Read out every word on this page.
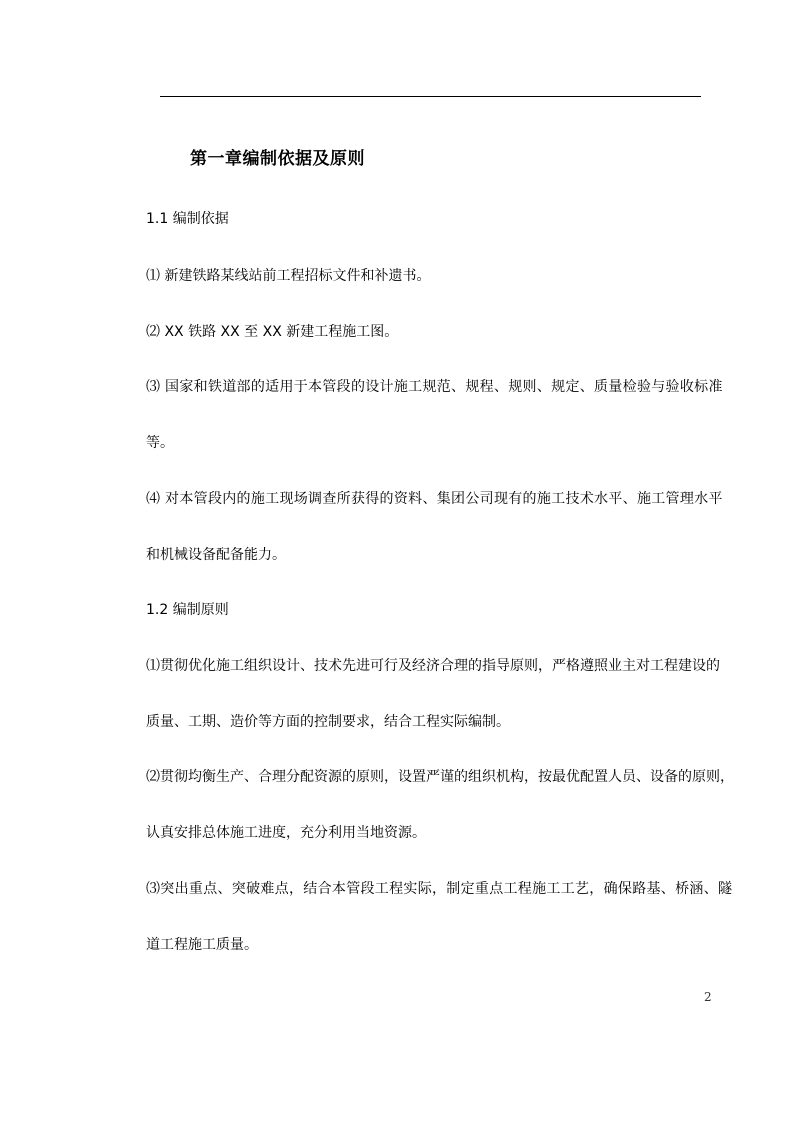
第一章编制依据及原则
1.1 编制依据
⑴ 新建铁路某线站前工程招标文件和补遗书。
⑵ XX 铁路 XX 至 XX 新建工程施工图。
⑶ 国家和铁道部的适用于本管段的设计施工规范、规程、规则、规定、质量检验与验收标准
等。
⑷ 对本管段内的施工现场调查所获得的资料、集团公司现有的施工技术水平、施工管理水平
和机械设备配备能力。
1.2 编制原则
⑴贯彻优化施工组织设计、技术先进可行及经济合理的指导原则，严格遵照业主对工程建设的
质量、工期、造价等方面的控制要求，结合工程实际编制。
⑵贯彻均衡生产、合理分配资源的原则，设置严谨的组织机构，按最优配置人员、设备的原则，
认真安排总体施工进度，充分利用当地资源。
⑶突出重点、突破难点，结合本管段工程实际，制定重点工程施工工艺，确保路基、桥涵、隧
道工程施工质量。
2
